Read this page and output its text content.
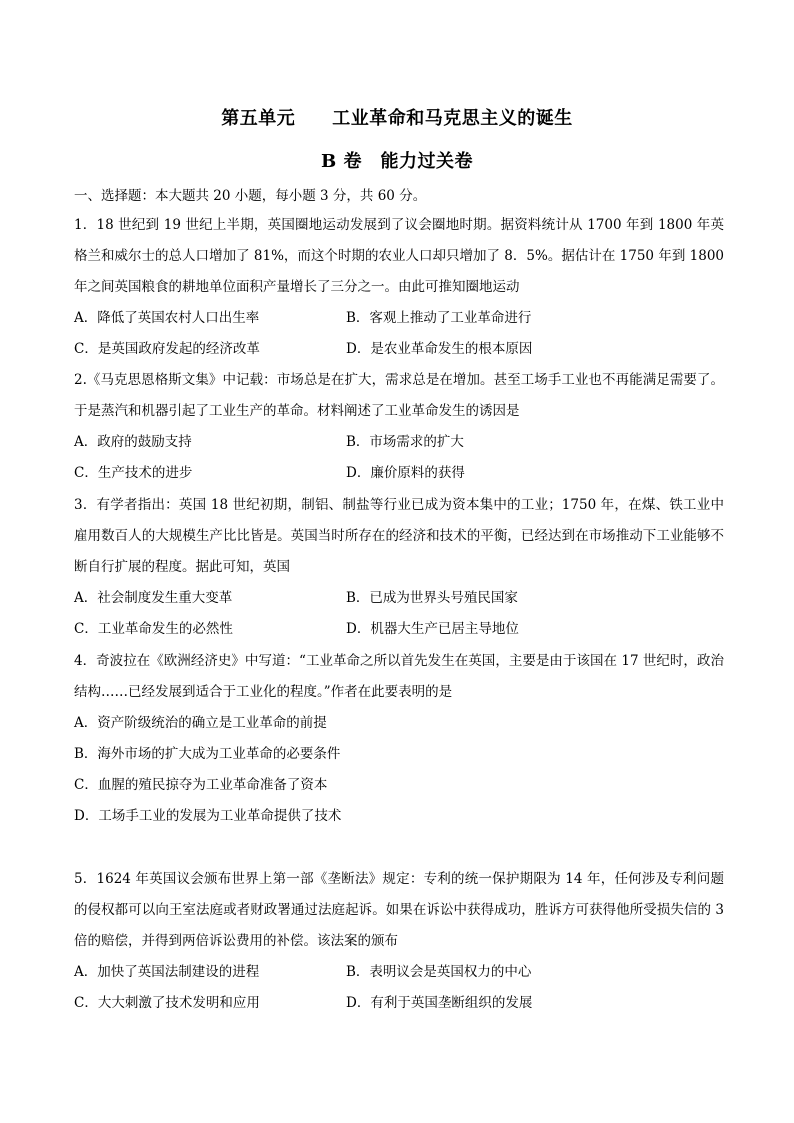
第五单元　　工业革命和马克思主义的诞生
B 卷　能力过关卷
一、选择题：本大题共 20 小题，每小题 3 分，共 60 分。

1．18 世纪到 19 世纪上半期，英国圈地运动发展到了议会圈地时期。据资料统计从 1700 年到 1800 年英格兰和威尔士的总人口增加了 81%，而这个时期的农业人口却只增加了 8．5%。据估计在 1750 年到 1800 年之间英国粮食的耕地单位面积产量增长了三分之一。由此可推知圈地运动

A．降低了英国农村人口出生率	B．客观上推动了工业革命进行
C．是英国政府发起的经济改革	D．是农业革命发生的根本原因

2.《马克思恩格斯文集》中记载：市场总是在扩大，需求总是在增加。甚至工场手工业也不再能满足需要了。于是蒸汽和机器引起了工业生产的革命。材料阐述了工业革命发生的诱因是

A．政府的鼓励支持	B．市场需求的扩大
C．生产技术的进步	D．廉价原料的获得

3．有学者指出：英国 18 世纪初期，制铝、制盐等行业已成为资本集中的工业；1750 年，在煤、铁工业中雇用数百人的大规模生产比比皆是。英国当时所存在的经济和技术的平衡，已经达到在市场推动下工业能够不断自行扩展的程度。据此可知，英国

A．社会制度发生重大变革	B．已成为世界头号殖民国家
C．工业革命发生的必然性	D．机器大生产已居主导地位

4．奇波拉在《欧洲经济史》中写道：“工业革命之所以首先发生在英国，主要是由于该国在 17 世纪时，政治结构……已经发展到适合于工业化的程度。”作者在此要表明的是

A．资产阶级统治的确立是工业革命的前提
B．海外市场的扩大成为工业革命的必要条件
C．血腥的殖民掠夺为工业革命准备了资本
D．工场手工业的发展为工业革命提供了技术

5．1624 年英国议会颁布世界上第一部《垄断法》规定：专利的统一保护期限为 14 年，任何涉及专利问题的侵权都可以向王室法庭或者财政署通过法庭起诉。如果在诉讼中获得成功，胜诉方可获得他所受损失信的 3 倍的赔偿，并得到两倍诉讼费用的补偿。该法案的颁布

A．加快了英国法制建设的进程	B．表明议会是英国权力的中心
C．大大刺激了技术发明和应用	D．有利于英国垄断组织的发展
